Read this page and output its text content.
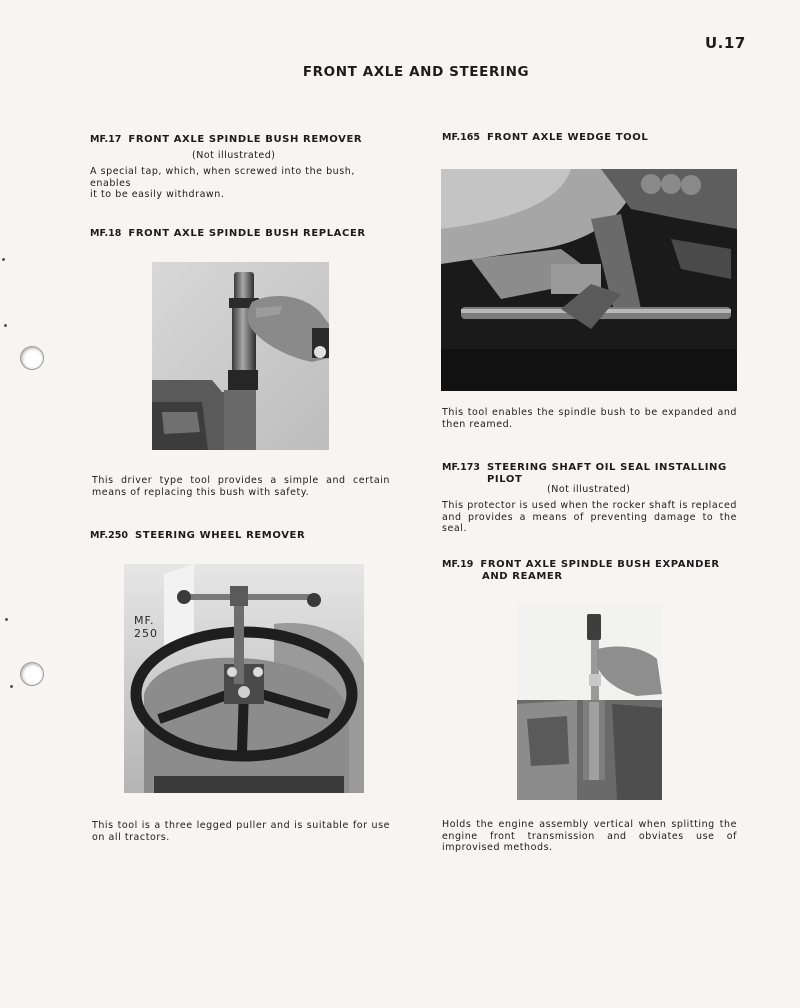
U.17
FRONT AXLE AND STEERING
MF.17 FRONT AXLE SPINDLE BUSH REMOVER
(Not illustrated)
A special tap, which, when screwed into the bush, enables
it to be easily withdrawn.
MF.18 FRONT AXLE SPINDLE BUSH REPLACER
This driver type tool provides a simple and certain means of replacing this bush with safety.
MF.250 STEERING WHEEL REMOVER
MF.
250
This tool is a three legged puller and is suitable for use on all tractors.
MF.165 FRONT AXLE WEDGE TOOL
This tool enables the spindle bush to be expanded and then reamed.
MF.173 STEERING SHAFT OIL SEAL INSTALLING
PILOT
(Not illustrated)
This protector is used when the rocker shaft is replaced and provides a means of preventing damage to the seal.
MF.19 FRONT AXLE SPINDLE BUSH EXPANDER
AND REAMER
Holds the engine assembly vertical when splitting the engine front transmission and obviates use of improvised methods.
